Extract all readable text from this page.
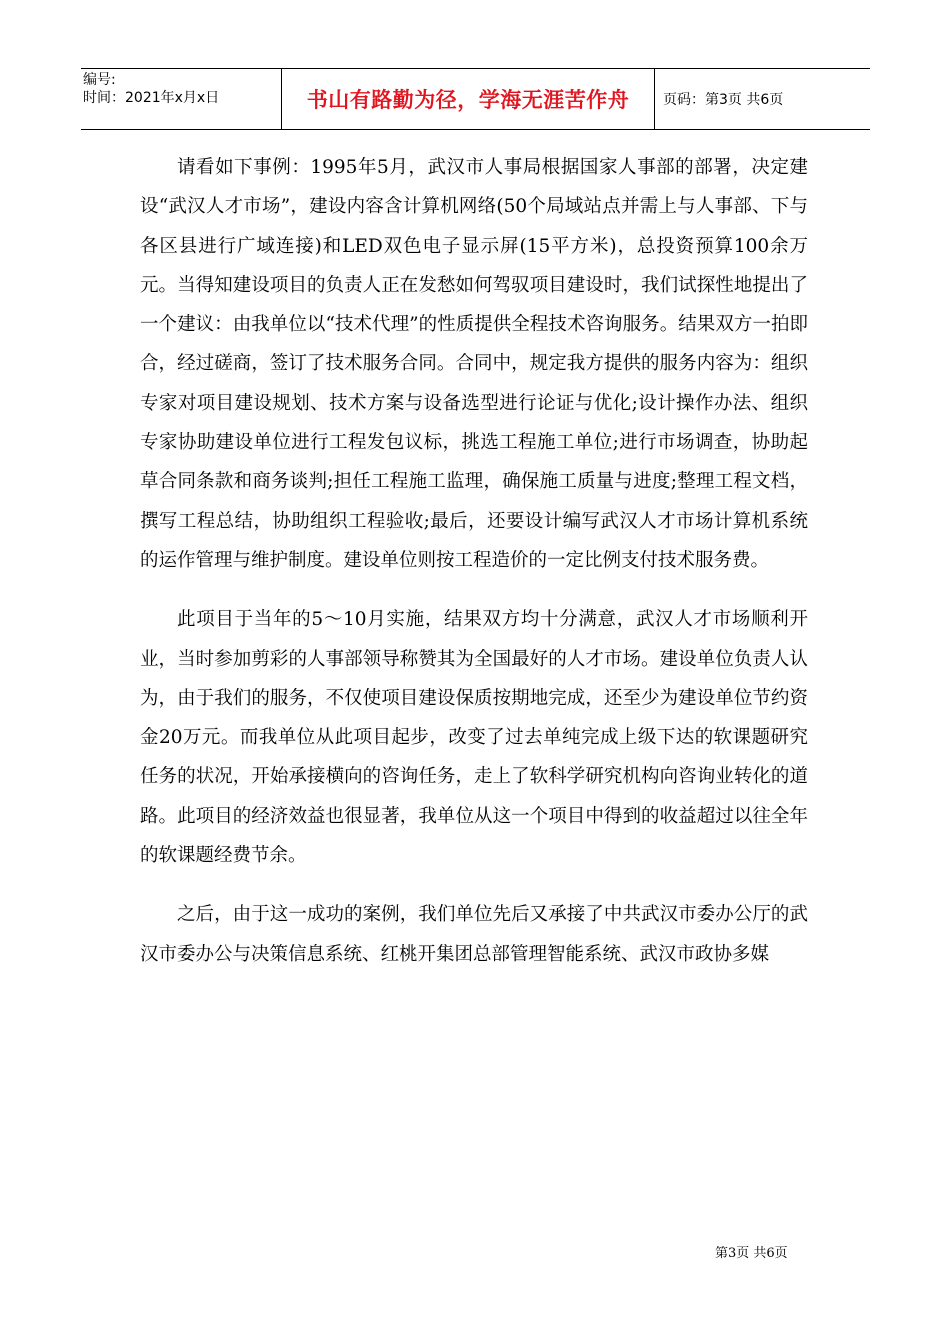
编号:
时间：2021年x月x日	书山有路勤为径，学海无涯苦作舟	页码：第3页 共6页

请看如下事例：1995年5月，武汉市人事局根据国家人事部的部署，决定建设“武汉人才市场”，建设内容含计算机网络(50个局域站点并需上与人事部、下与各区县进行广域连接)和LED双色电子显示屏(15平方米)，总投资预算100余万元。当得知建设项目的负责人正在发愁如何驾驭项目建设时，我们试探性地提出了一个建议：由我单位以“技术代理”的性质提供全程技术咨询服务。结果双方一拍即合，经过磋商，签订了技术服务合同。合同中，规定我方提供的服务内容为：组织专家对项目建设规划、技术方案与设备选型进行论证与优化;设计操作办法、组织专家协助建设单位进行工程发包议标，挑选工程施工单位;进行市场调查，协助起草合同条款和商务谈判;担任工程施工监理，确保施工质量与进度;整理工程文档，撰写工程总结，协助组织工程验收;最后，还要设计编写武汉人才市场计算机系统的运作管理与维护制度。建设单位则按工程造价的一定比例支付技术服务费。

此项目于当年的5～10月实施，结果双方均十分满意，武汉人才市场顺利开业，当时参加剪彩的人事部领导称赞其为全国最好的人才市场。建设单位负责人认为，由于我们的服务，不仅使项目建设保质按期地完成，还至少为建设单位节约资金20万元。而我单位从此项目起步，改变了过去单纯完成上级下达的软课题研究任务的状况，开始承接横向的咨询任务，走上了软科学研究机构向咨询业转化的道路。此项目的经济效益也很显著，我单位从这一个项目中得到的收益超过以往全年的软课题经费节余。

之后，由于这一成功的案例，我们单位先后又承接了中共武汉市委办公厅的武汉市委办公与决策信息系统、红桃开集团总部管理智能系统、武汉市政协多媒

第3页 共6页
